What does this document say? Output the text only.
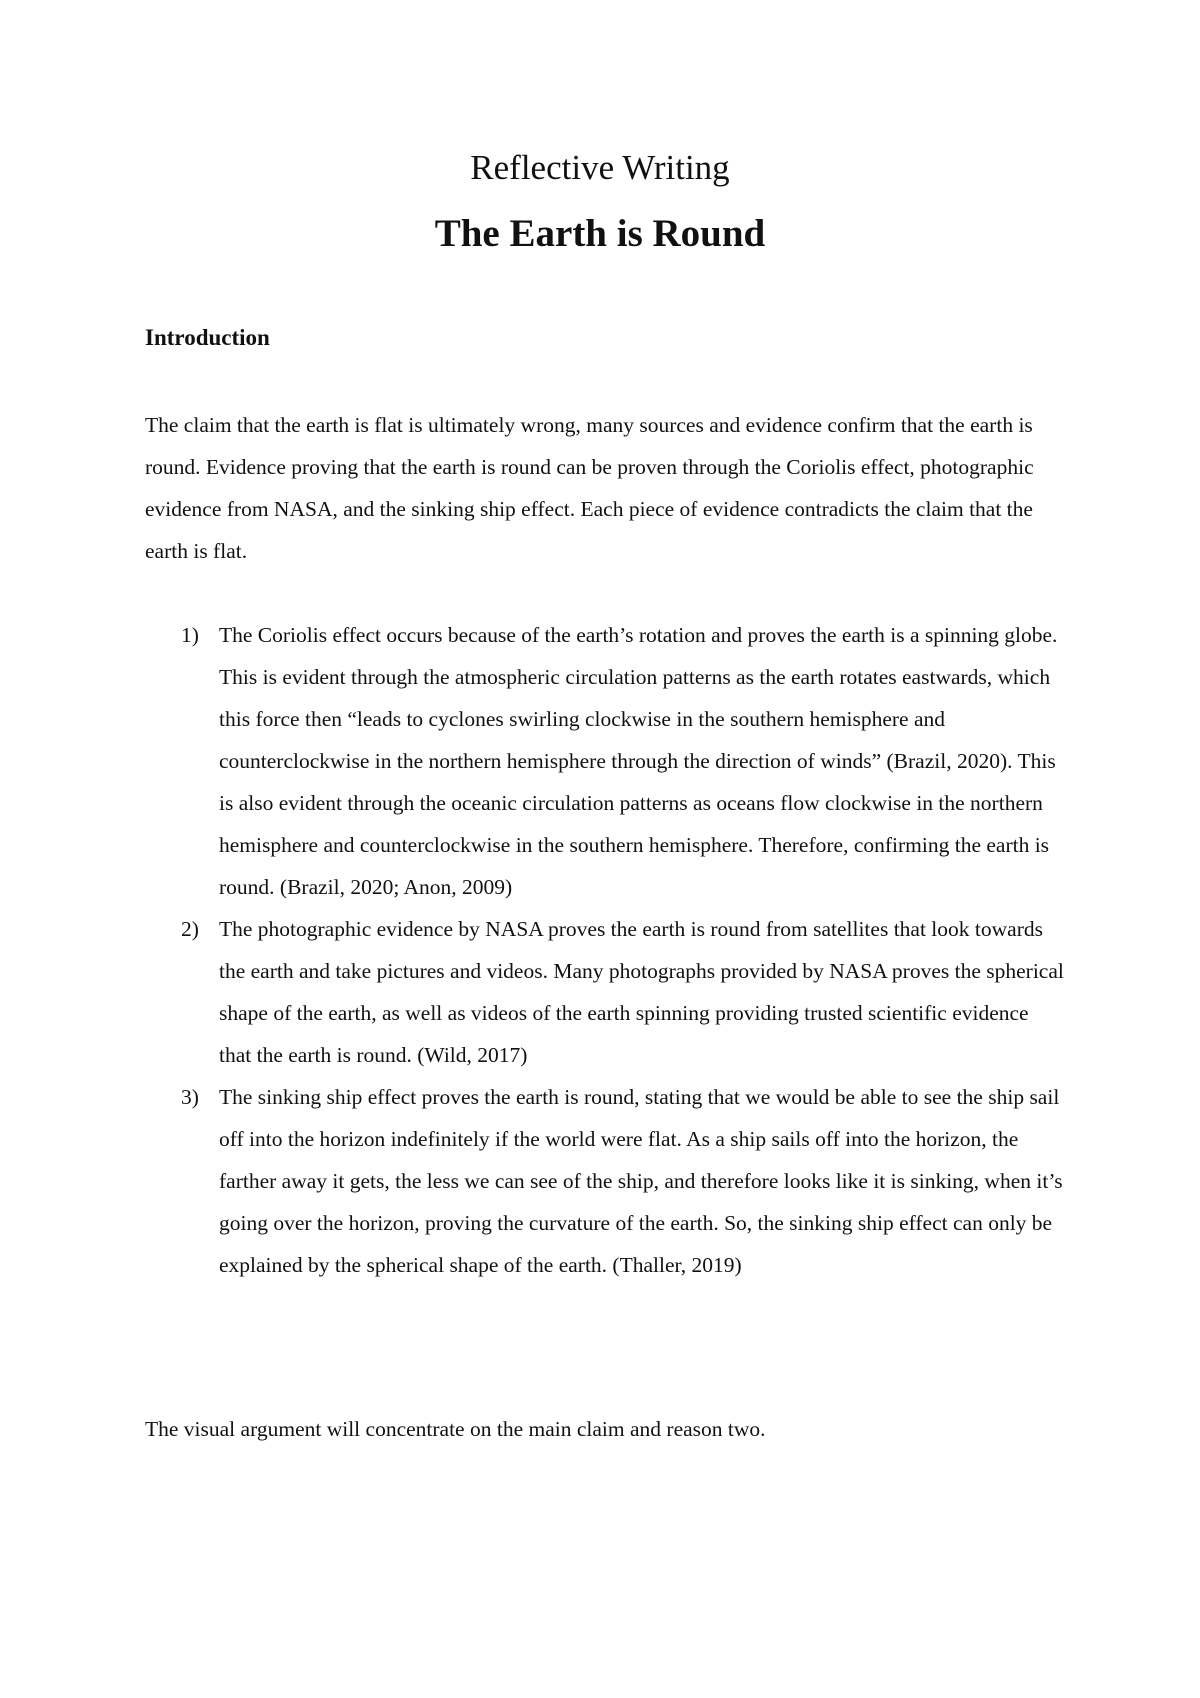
Reflective Writing
The Earth is Round
Introduction

The claim that the earth is flat is ultimately wrong, many sources and evidence confirm that the earth is round. Evidence proving that the earth is round can be proven through the Coriolis effect, photographic evidence from NASA, and the sinking ship effect. Each piece of evidence contradicts the claim that the earth is flat.

1) The Coriolis effect occurs because of the earth’s rotation and proves the earth is a spinning globe. This is evident through the atmospheric circulation patterns as the earth rotates eastwards, which this force then “leads to cyclones swirling clockwise in the southern hemisphere and counterclockwise in the northern hemisphere through the direction of winds” (Brazil, 2020). This is also evident through the oceanic circulation patterns as oceans flow clockwise in the northern hemisphere and counterclockwise in the southern hemisphere. Therefore, confirming the earth is round. (Brazil, 2020; Anon, 2009)
2) The photographic evidence by NASA proves the earth is round from satellites that look towards the earth and take pictures and videos. Many photographs provided by NASA proves the spherical shape of the earth, as well as videos of the earth spinning providing trusted scientific evidence that the earth is round. (Wild, 2017)
3) The sinking ship effect proves the earth is round, stating that we would be able to see the ship sail off into the horizon indefinitely if the world were flat. As a ship sails off into the horizon, the farther away it gets, the less we can see of the ship, and therefore looks like it is sinking, when it’s going over the horizon, proving the curvature of the earth. So, the sinking ship effect can only be explained by the spherical shape of the earth. (Thaller, 2019)

The visual argument will concentrate on the main claim and reason two.
